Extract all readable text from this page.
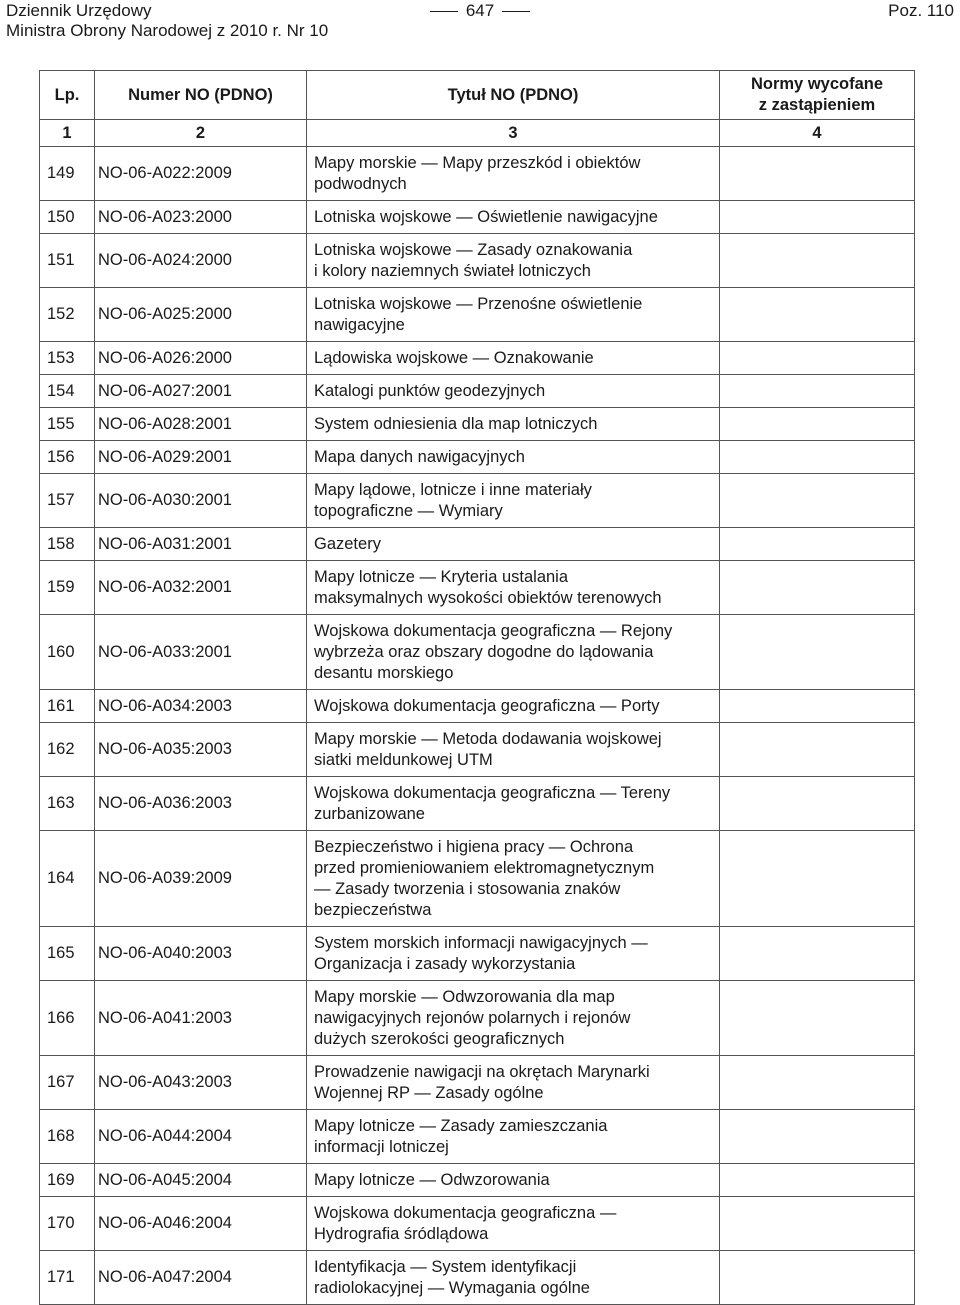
Dziennik Urzędowy
Ministra Obrony Narodowej z 2010 r. Nr 10
647	Poz. 110
Lp.	Numer NO (PDNO)	Tytuł NO (PDNO)	Normy wycofane
z zastąpieniem

1	2	3	4
149	NO-06-A022:2009	Mapy morskie — Mapy przeszkód i obiektów
podwodnych	

150	NO-06-A023:2000	Lotniska wojskowe — Oświetlenie nawigacyjne	

151	NO-06-A024:2000	Lotniska wojskowe — Zasady oznakowania
i kolory naziemnych świateł lotniczych	

152	NO-06-A025:2000	Lotniska wojskowe — Przenośne oświetlenie
nawigacyjne	

153	NO-06-A026:2000	Lądowiska wojskowe — Oznakowanie	

154	NO-06-A027:2001	Katalogi punktów geodezyjnych	

155	NO-06-A028:2001	System odniesienia dla map lotniczych	

156	NO-06-A029:2001	Mapa danych nawigacyjnych	

157	NO-06-A030:2001	Mapy lądowe, lotnicze i inne materiały
topograficzne — Wymiary	

158	NO-06-A031:2001	Gazetery	

159	NO-06-A032:2001	Mapy lotnicze — Kryteria ustalania
maksymalnych wysokości obiektów terenowych	

160	NO-06-A033:2001	Wojskowa dokumentacja geograficzna — Rejony
wybrzeża oraz obszary dogodne do lądowania
desantu morskiego	

161	NO-06-A034:2003	Wojskowa dokumentacja geograficzna — Porty	

162	NO-06-A035:2003	Mapy morskie — Metoda dodawania wojskowej
siatki meldunkowej UTM	

163	NO-06-A036:2003	Wojskowa dokumentacja geograficzna — Tereny
zurbanizowane	

164	NO-06-A039:2009	Bezpieczeństwo i higiena pracy — Ochrona
przed promieniowaniem elektromagnetycznym
— Zasady tworzenia i stosowania znaków
bezpieczeństwa	

165	NO-06-A040:2003	System morskich informacji nawigacyjnych —
Organizacja i zasady wykorzystania	

166	NO-06-A041:2003	Mapy morskie — Odwzorowania dla map
nawigacyjnych rejonów polarnych i rejonów
dużych szerokości geograficznych	

167	NO-06-A043:2003	Prowadzenie nawigacji na okrętach Marynarki
Wojennej RP — Zasady ogólne	

168	NO-06-A044:2004	Mapy lotnicze — Zasady zamieszczania
informacji lotniczej	

169	NO-06-A045:2004	Mapy lotnicze — Odwzorowania	

170	NO-06-A046:2004	Wojskowa dokumentacja geograficzna —
Hydrografia śródlądowa	

171	NO-06-A047:2004	Identyfikacja — System identyfikacji
radiolokacyjnej — Wymagania ogólne	
